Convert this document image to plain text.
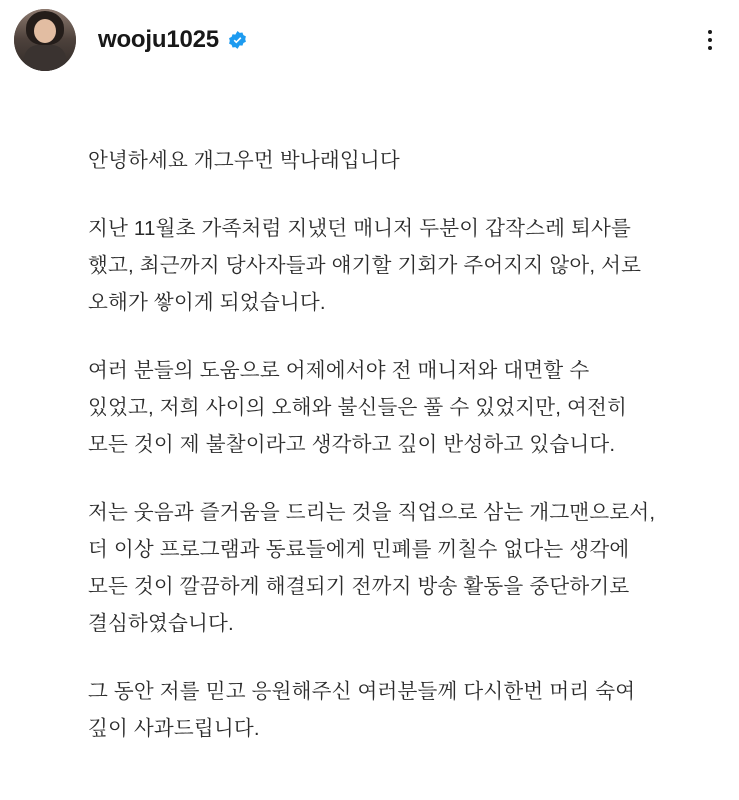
wooju1025

안녕하세요 개그우먼 박나래입니다

지난 11월초 가족처럼 지냈던 매니저 두분이 갑작스레 퇴사를 했고, 최근까지 당사자들과 얘기할 기회가 주어지지 않아, 서로 오해가 쌓이게 되었습니다.

여러 분들의 도움으로 어제에서야 전 매니저와 대면할 수 있었고, 저희 사이의 오해와 불신들은 풀 수 있었지만, 여전히 모든 것이 제 불찰이라고 생각하고 깊이 반성하고 있습니다.

저는 웃음과 즐거움을 드리는 것을 직업으로 삼는 개그맨으로서, 더 이상 프로그램과 동료들에게 민폐를 끼칠수 없다는 생각에 모든 것이 깔끔하게 해결되기 전까지 방송 활동을 중단하기로 결심하였습니다.

그 동안 저를 믿고 응원해주신 여러분들께 다시한번 머리 숙여 깊이 사과드립니다.
